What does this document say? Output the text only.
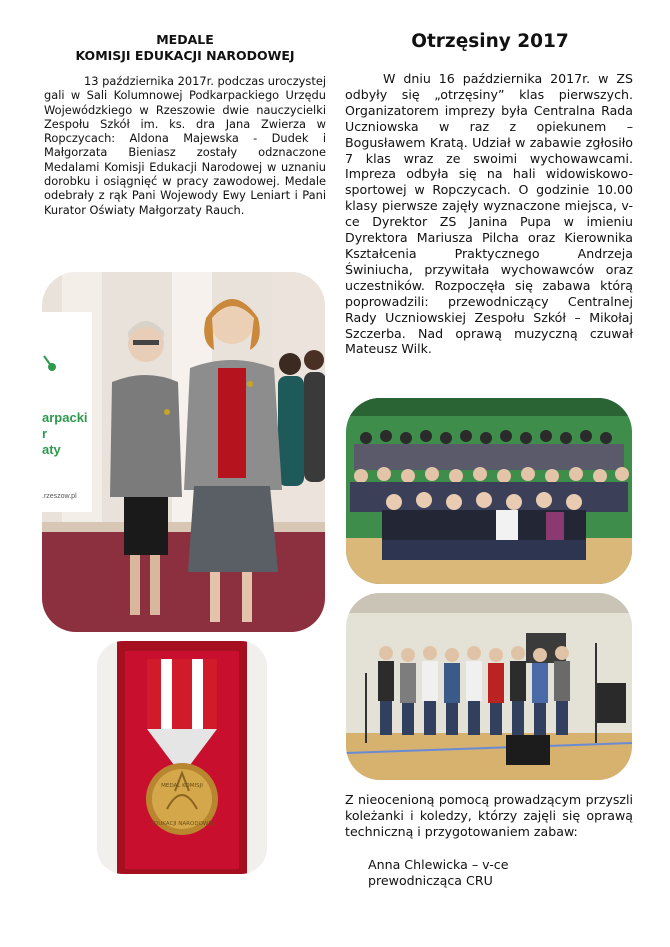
MEDALE
KOMISJI EDUKACJI NARODOWEJ

13 października 2017r. podczas uroczystej gali w Sali Kolumnowej Podkarpackiego Urzędu Wojewódzkiego w Rzeszowie dwie nauczycielki Zespołu Szkół im. ks. dra Jana Zwierza w Ropczycach: Aldona Majewska - Dudek i Małgorzata Bieniasz zostały odznaczone Medalami Komisji Edukacji Narodowej w uznaniu dorobku i osiągnięć w pracy zawodowej. Medale odebrały z rąk Pani Wojewody Ewy Leniart i Pani Kurator Oświaty Małgorzaty Rauch.

Otrzęsiny 2017

W dniu 16 października 2017r. w ZS odbyły się „otrzęsiny” klas pierwszych. Organizatorem imprezy była Centralna Rada Uczniowska w raz z opiekunem – Bogusławem Kratą. Udział w zabawie zgłosiło 7 klas wraz ze swoimi wychowawcami. Impreza odbyła się na hali widowiskowo-sportowej w Ropczycach. O godzinie 10.00 klasy pierwsze zajęły wyznaczone miejsca, v-ce Dyrektor ZS Janina Pupa w imieniu Dyrektora Mariusza Pilcha oraz Kierownika Kształcenia Praktycznego Andrzeja Świniucha, przywitała wychowawców oraz uczestników. Rozpoczęła się zabawa którą poprowadzili: przewodniczący Centralnej Rady Uczniowskiej Zespołu Szkół – Mikołaj Szczerba. Nad oprawą muzyczną czuwał Mateusz Wilk.

arpacki
r
aty
.rzeszow.pl
MEDAL KOMISJI
EDUKACJI NARODOWEJ

Z nieocenioną pomocą prowadzącym przyszli koleżanki i koledzy, którzy zajęli się oprawą techniczną i przygotowaniem zabaw:

Anna Chlewicka – v-ce
prewodnicząca CRU
